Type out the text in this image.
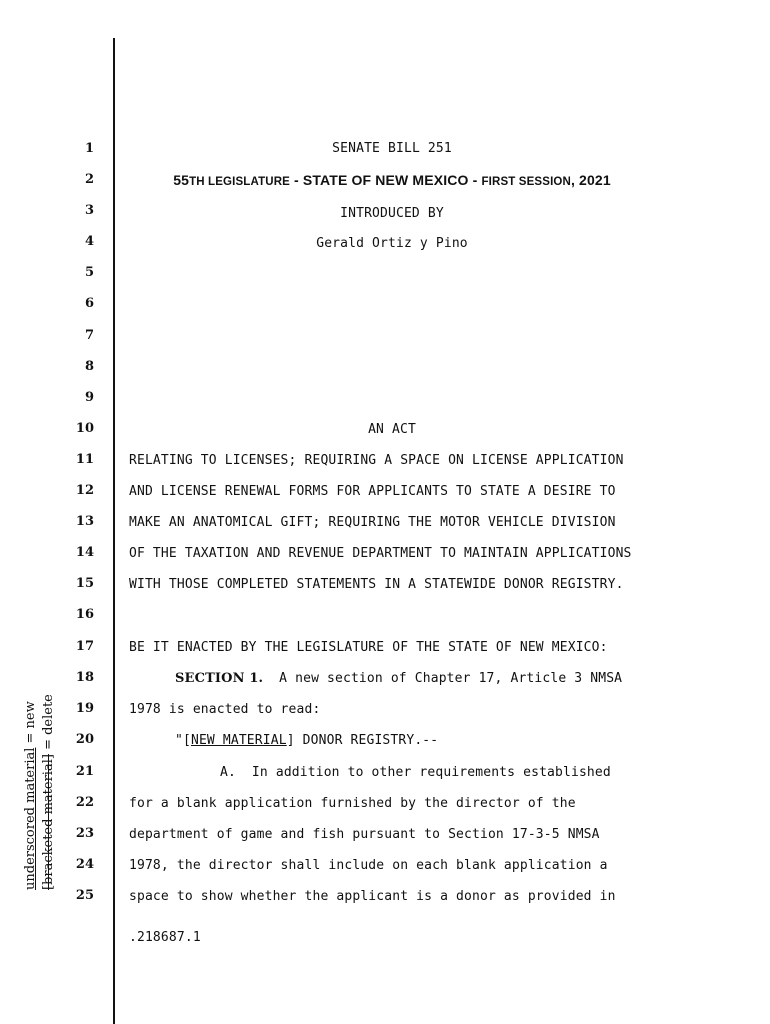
underscored material = new
[bracketed material] = delete
1
2
3
4
5
6
7
8
9
10
11
12
13
14
15
16
17
18
19
20
21
22
23
24
25
SENATE BILL 251
55TH LEGISLATURE - STATE OF NEW MEXICO - FIRST SESSION, 2021
INTRODUCED BY
Gerald Ortiz y Pino
AN ACT
RELATING TO LICENSES; REQUIRING A SPACE ON LICENSE APPLICATION
AND LICENSE RENEWAL FORMS FOR APPLICANTS TO STATE A DESIRE TO
MAKE AN ANATOMICAL GIFT; REQUIRING THE MOTOR VEHICLE DIVISION
OF THE TAXATION AND REVENUE DEPARTMENT TO MAINTAIN APPLICATIONS
WITH THOSE COMPLETED STATEMENTS IN A STATEWIDE DONOR REGISTRY.
BE IT ENACTED BY THE LEGISLATURE OF THE STATE OF NEW MEXICO:
SECTION 1.  A new section of Chapter 17, Article 3 NMSA
1978 is enacted to read:
"[NEW MATERIAL] DONOR REGISTRY.--
A.  In addition to other requirements established
for a blank application furnished by the director of the
department of game and fish pursuant to Section 17-3-5 NMSA
1978, the director shall include on each blank application a
space to show whether the applicant is a donor as provided in
.218687.1
